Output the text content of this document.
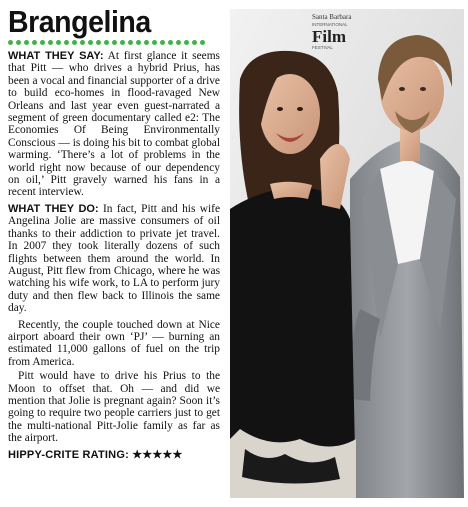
Brangelina

WHAT THEY SAY: At first glance it seems that Pitt — who drives a hybrid Prius, has been a vocal and financial supporter of a drive to build eco-homes in flood-ravaged New Orleans and last year even guest-narrated a segment of green documentary called e2: The Economies Of Being Environmentally Conscious — is doing his bit to combat global warming. ‘There’s a lot of problems in the world right now because of our dependency on oil,’ Pitt gravely warned his fans in a recent interview.

WHAT THEY DO: In fact, Pitt and his wife Angelina Jolie are massive consumers of oil thanks to their addiction to private jet travel. In 2007 they took literally dozens of such flights between them around the world. In August, Pitt flew from Chicago, where he was watching his wife work, to LA to perform jury duty and then flew back to Illinois the same day.

Recently, the couple touched down at Nice airport aboard their own ‘PJ’ — burning an estimated 11,000 gallons of fuel on the trip from America.

Pitt would have to drive his Prius to the Moon to offset that. Oh — and did we mention that Jolie is pregnant again? Soon it’s going to require two people carriers just to get the multi-national Pitt-Jolie family as far as the airport.

HIPPY-CRITE RATING: ★★★★★
Santa Barbara
INTERNATIONAL
Film
FESTIVAL
